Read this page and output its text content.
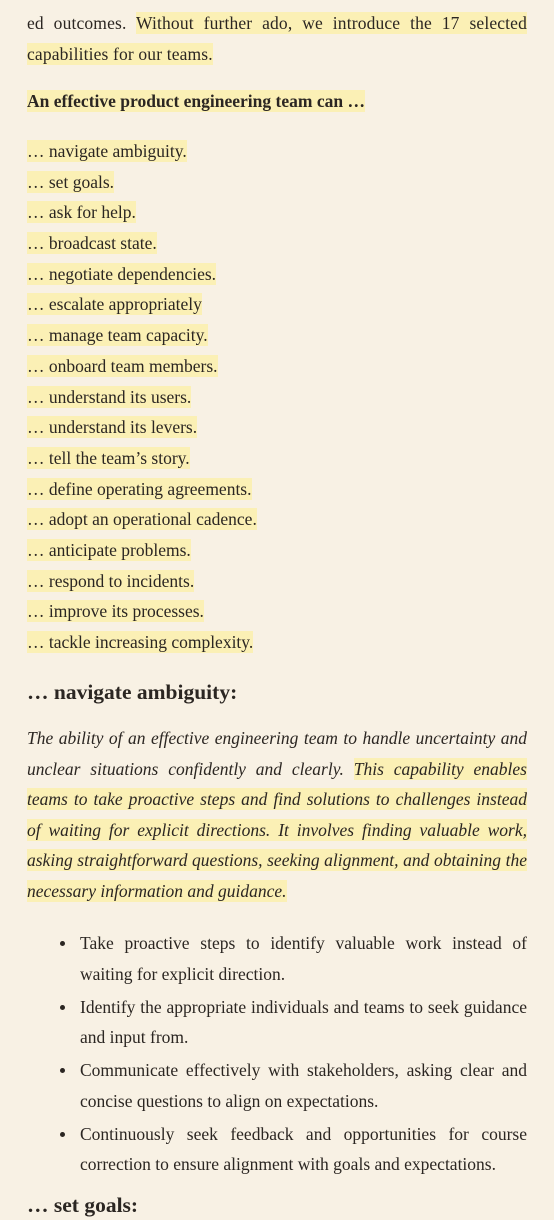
ed outcomes. Without further ado, we introduce the 17 selected capabilities for our teams.

An effective product engineering team can …
… navigate ambiguity.
… set goals.
… ask for help.
… broadcast state.
… negotiate dependencies.
… escalate appropriately
… manage team capacity.
… onboard team members.
… understand its users.
… understand its levers.
… tell the team’s story.
… define operating agreements.
… adopt an operational cadence.
… anticipate problems.
… respond to incidents.
… improve its processes.
… tackle increasing complexity.
… navigate ambiguity:

The ability of an effective engineering team to handle uncertainty and unclear situations confidently and clearly. This capability enables teams to take proactive steps and find solutions to challenges instead of waiting for explicit directions. It involves finding valuable work, asking straightforward questions, seeking alignment, and obtaining the necessary information and guidance.

Take proactive steps to identify valuable work instead of waiting for explicit direction.
Identify the appropriate individuals and teams to seek guidance and input from.
Communicate effectively with stakeholders, asking clear and concise questions to align on expectations.
Continuously seek feedback and opportunities for course correction to ensure alignment with goals and expectations.
… set goals:
